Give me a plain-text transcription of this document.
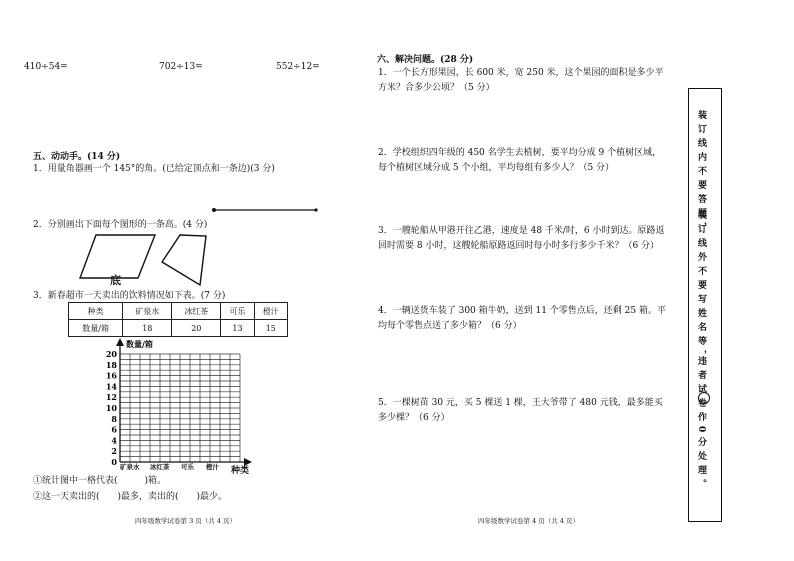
410÷54=	702÷13=	552÷12=
五、动动手。(14 分)
1．用量角器画一个 145°的角。(已给定顶点和一条边)(3 分)
2．分别画出下面每个图形的一条高。(4 分)
底
3．新春超市一天卖出的饮料情况如下表。(7 分)
种类	矿泉水	冰红茶	可乐	橙汁
数量/箱	18	20	13	15
数量/箱
20
18
16
14
12
10
8
6
4
2
0 矿泉水 冰红茶 可乐 橙汁 种类
①统计图中一格代表(　　　)箱。
②这一天卖出的(　　)最多，卖出的(　　)最少。
四年级数学试卷第 3 页（共 4 页）
六、解决问题。(28 分)
1．一个长方形果园，长 600 米，宽 250 米，这个果园的面积是多少平方米？合多少公顷？（5 分）
2．学校组织四年级的 450 名学生去植树，要平均分成 9 个植树区域，每个植树区域分成 5 个小组，平均每组有多少人？（5 分）
3．一艘轮船从甲港开往乙港，速度是 48 千米/时，6 小时到达。原路返回时需要 8 小时，这艘轮船原路返回时每小时多行多少千米？（6 分）
4．一辆送货车装了 300 箱牛奶，送到 11 个零售点后，还剩 25 箱。平均每个零售点送了多少箱？（6 分）
5．一棵树苗 30 元，买 5 棵送 1 棵，王大爷带了 480 元钱，最多能买多少棵？（6 分）
四年级数学试卷第 4 页（共 4 页）
装订线内不要答题，
装订线外不要写姓名等，
违者试卷作0分处理。
